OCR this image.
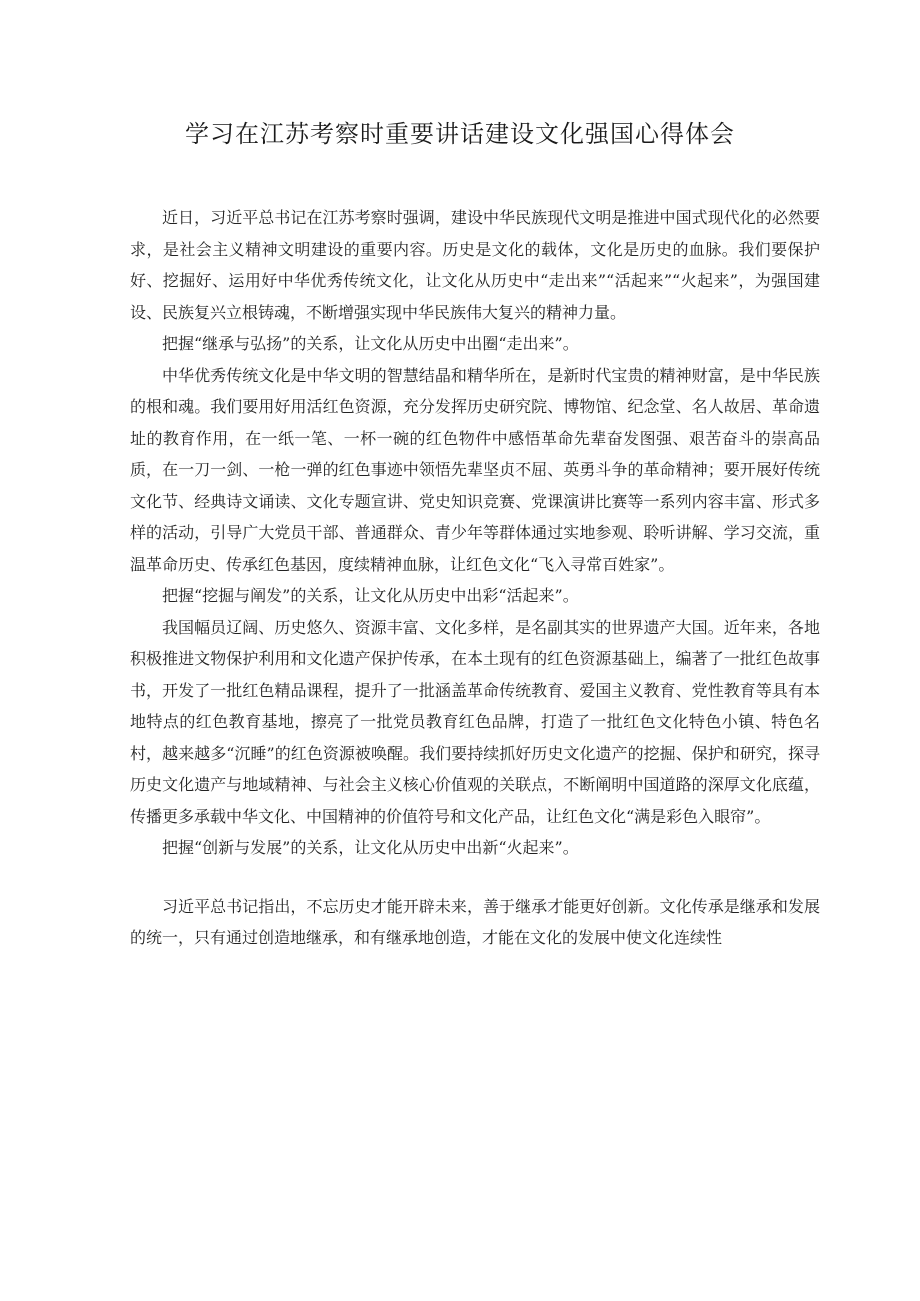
学习在江苏考察时重要讲话建设文化强国心得体会

近日，习近平总书记在江苏考察时强调，建设中华民族现代文明是推进中国式现代化的必然要求，是社会主义精神文明建设的重要内容。历史是文化的载体，文化是历史的血脉。我们要保护好、挖掘好、运用好中华优秀传统文化，让文化从历史中“走出来”“活起来”“火起来”，为强国建设、民族复兴立根铸魂，不断增强实现中华民族伟大复兴的精神力量。

把握“继承与弘扬”的关系，让文化从历史中出圈“走出来”。

中华优秀传统文化是中华文明的智慧结晶和精华所在，是新时代宝贵的精神财富，是中华民族的根和魂。我们要用好用活红色资源，充分发挥历史研究院、博物馆、纪念堂、名人故居、革命遗址的教育作用，在一纸一笔、一杯一碗的红色物件中感悟革命先辈奋发图强、艰苦奋斗的崇高品质，在一刀一剑、一枪一弹的红色事迹中领悟先辈坚贞不屈、英勇斗争的革命精神；要开展好传统文化节、经典诗文诵读、文化专题宣讲、党史知识竞赛、党课演讲比赛等一系列内容丰富、形式多样的活动，引导广大党员干部、普通群众、青少年等群体通过实地参观、聆听讲解、学习交流，重温革命历史、传承红色基因，度续精神血脉，让红色文化“飞入寻常百姓家”。

把握“挖掘与阐发”的关系，让文化从历史中出彩“活起来”。

我国幅员辽阔、历史悠久、资源丰富、文化多样，是名副其实的世界遗产大国。近年来，各地积极推进文物保护利用和文化遗产保护传承，在本土现有的红色资源基础上，编著了一批红色故事书，开发了一批红色精品课程，提升了一批涵盖革命传统教育、爱国主义教育、党性教育等具有本地特点的红色教育基地，擦亮了一批党员教育红色品牌，打造了一批红色文化特色小镇、特色名村，越来越多“沉睡”的红色资源被唤醒。我们要持续抓好历史文化遗产的挖掘、保护和研究，探寻历史文化遗产与地域精神、与社会主义核心价值观的关联点，不断阐明中国道路的深厚文化底蕴，传播更多承载中华文化、中国精神的价值符号和文化产品，让红色文化“满是彩色入眼帘”。

把握“创新与发展”的关系，让文化从历史中出新“火起来”。

习近平总书记指出，不忘历史才能开辟未来，善于继承才能更好创新。文化传承是继承和发展的统一，只有通过创造地继承，和有继承地创造，才能在文化的发展中使文化连续性
